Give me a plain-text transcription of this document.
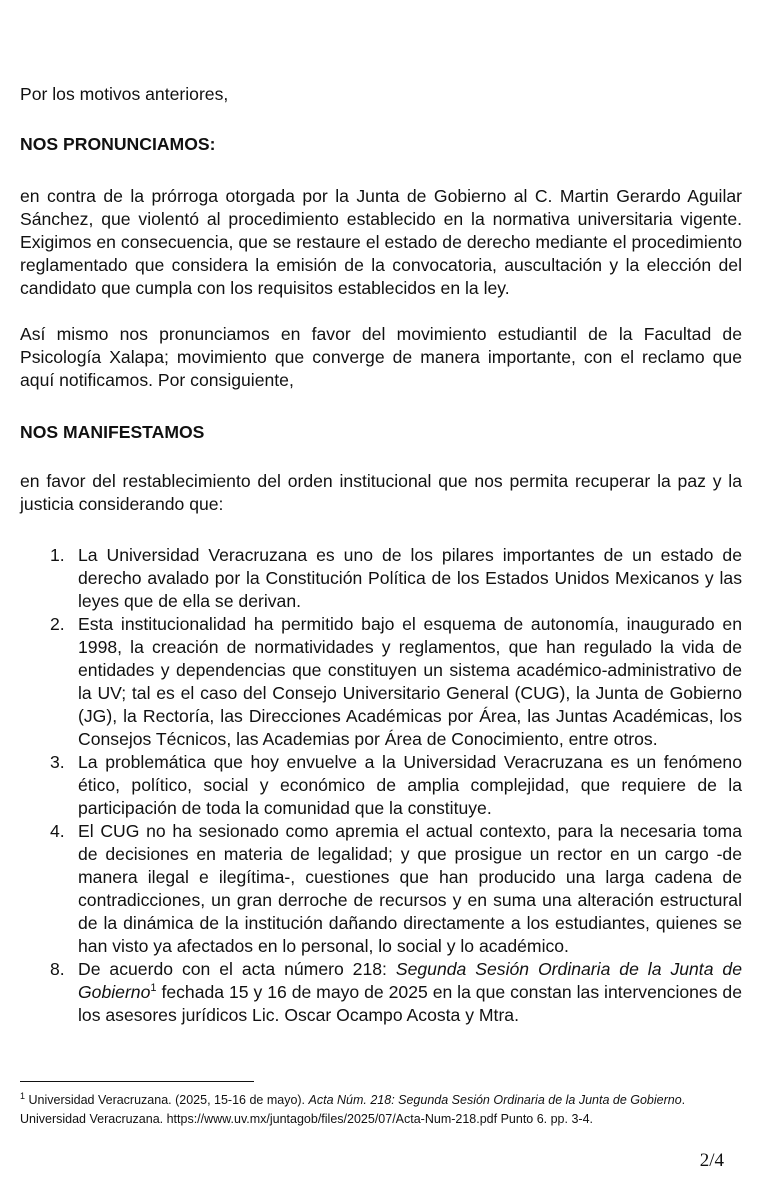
Por los motivos anteriores,

NOS PRONUNCIAMOS:

en contra de la prórroga otorgada por la Junta de Gobierno al C. Martin Gerardo Aguilar Sánchez, que violentó al procedimiento establecido en la normativa universitaria vigente. Exigimos en consecuencia, que se restaure el estado de derecho mediante el procedimiento reglamentado que considera la emisión de la convocatoria, auscultación y la elección del candidato que cumpla con los requisitos establecidos en la ley.

Así mismo nos pronunciamos en favor del movimiento estudiantil de la Facultad de Psicología Xalapa; movimiento que converge de manera importante, con el reclamo que aquí notificamos. Por consiguiente,

NOS MANIFESTAMOS

en favor del restablecimiento del orden institucional que nos permita recuperar la paz y la justicia considerando que:

1. La Universidad Veracruzana es uno de los pilares importantes de un estado de derecho avalado por la Constitución Política de los Estados Unidos Mexicanos y las leyes que de ella se derivan.
2. Esta institucionalidad ha permitido bajo el esquema de autonomía, inaugurado en 1998, la creación de normatividades y reglamentos, que han regulado la vida de entidades y dependencias que constituyen un sistema académico-administrativo de la UV; tal es el caso del Consejo Universitario General (CUG), la Junta de Gobierno (JG), la Rectoría, las Direcciones Académicas por Área, las Juntas Académicas, los Consejos Técnicos, las Academias por Área de Conocimiento, entre otros.
3. La problemática que hoy envuelve a la Universidad Veracruzana es un fenómeno ético, político, social y económico de amplia complejidad, que requiere de la participación de toda la comunidad que la constituye.
4. El CUG no ha sesionado como apremia el actual contexto, para la necesaria toma de decisiones en materia de legalidad; y que prosigue un rector en un cargo -de manera ilegal e ilegítima-, cuestiones que han producido una larga cadena de contradicciones, un gran derroche de recursos y en suma una alteración estructural de la dinámica de la institución dañando directamente a los estudiantes, quienes se han visto ya afectados en lo personal, lo social y lo académico.
8. De acuerdo con el acta número 218: Segunda Sesión Ordinaria de la Junta de Gobierno$^1$ fechada 15 y 16 de mayo de 2025 en la que constan las intervenciones de los asesores jurídicos Lic. Oscar Ocampo Acosta y Mtra.
$^1$ Universidad Veracruzana. (2025, 15-16 de mayo). Acta Núm. 218: Segunda Sesión Ordinaria de la Junta de Gobierno. Universidad Veracruzana. https://www.uv.mx/juntagob/files/2025/07/Acta-Num-218.pdf Punto 6. pp. 3-4.
2/4
